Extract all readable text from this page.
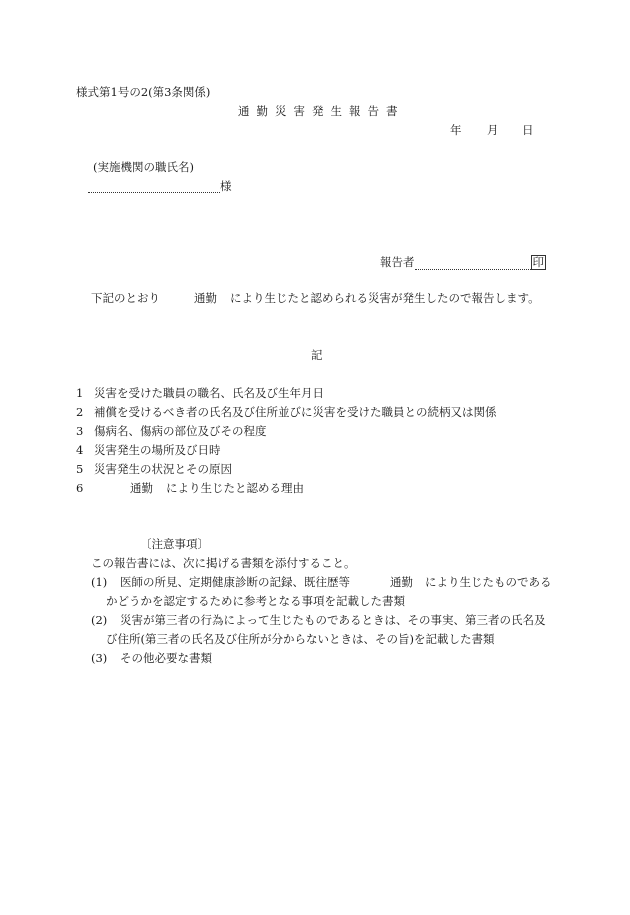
様式第1号の2(第3条関係)
通勤災害発生報告書
年 月 日
(実施機関の職氏名)
様
報告者	印
下記のとおり	通勤 により生じたと認められる災害が発生したので報告します。
記
1 災害を受けた職員の職名、氏名及び生年月日
2 補償を受けるべき者の氏名及び住所並びに災害を受けた職員との続柄又は関係
3 傷病名、傷病の部位及びその程度
4 災害発生の場所及び日時
5 災害発生の状況とその原因
6	通勤 により生じたと認める理由
〔注意事項〕
この報告書には、次に掲げる書類を添付すること。
(1) 医師の所見、定期健康診断の記録、既往歴等	通勤 により生じたものである
かどうかを認定するために参考となる事項を記載した書類
(2) 災害が第三者の行為によって生じたものであるときは、その事実、第三者の氏名及
び住所(第三者の氏名及び住所が分からないときは、その旨)を記載した書類
(3) その他必要な書類
